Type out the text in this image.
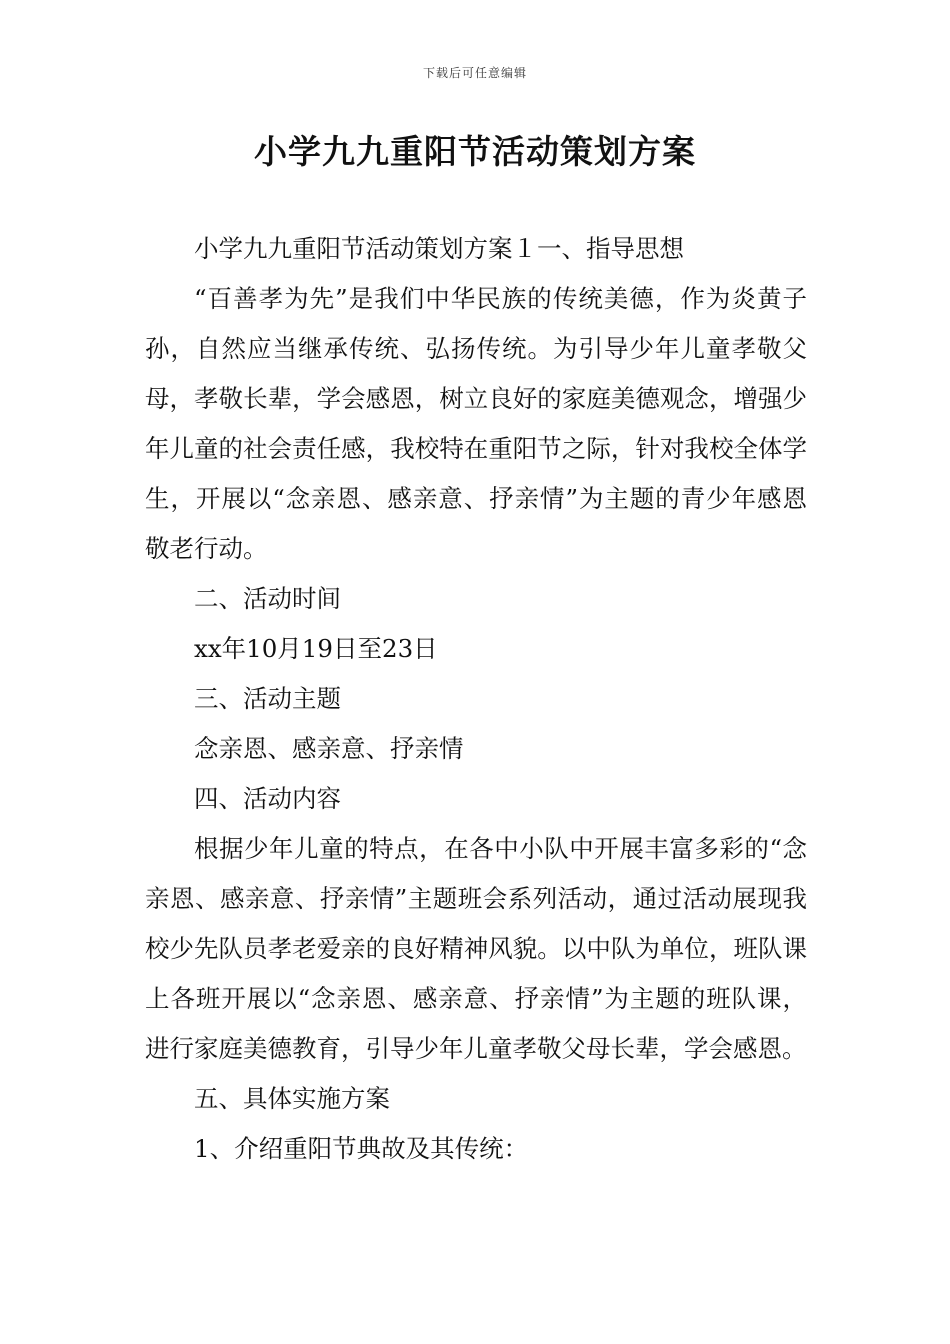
下载后可任意编辑
小学九九重阳节活动策划方案

小学九九重阳节活动策划方案１一、指导思想

“百善孝为先”是我们中华民族的传统美德，作为炎黄子孙，自然应当继承传统、弘扬传统。为引导少年儿童孝敬父母，孝敬长辈，学会感恩，树立良好的家庭美德观念，增强少年儿童的社会责任感，我校特在重阳节之际，针对我校全体学生，开展以“念亲恩、感亲意、抒亲情”为主题的青少年感恩敬老行动。

二、活动时间

xx年10月19日至23日

三、活动主题

念亲恩、感亲意、抒亲情

四、活动内容

根据少年儿童的特点，在各中小队中开展丰富多彩的“念亲恩、感亲意、抒亲情”主题班会系列活动，通过活动展现我校少先队员孝老爱亲的良好精神风貌。以中队为单位，班队课上各班开展以“念亲恩、感亲意、抒亲情”为主题的班队课，进行家庭美德教育，引导少年儿童孝敬父母长辈，学会感恩。

五、具体实施方案

1、介绍重阳节典故及其传统：
